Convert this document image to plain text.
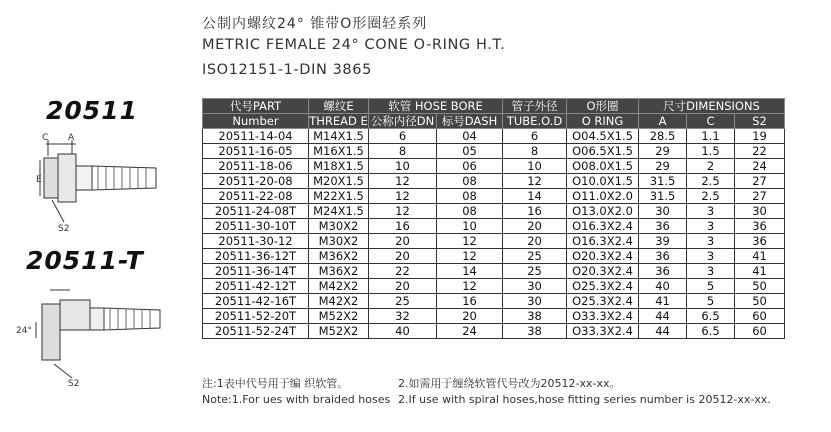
公制内螺纹24° 锥带O形圈轻系列
METRIC FEMALE 24° CONE O-RING H.T.
ISO12151-1-DIN 3865
20511
20511-T
C A
E
S2
24°
S2
代号PART	螺纹E	软管 HOSE BORE		管子外径	O形圈	尺寸DIMENSIONS		
Number	THREAD E	公称内径DN	标号DASH	TUBE.O.D	O RING	A	C	S2
20511-14-04	M14X1.5	6	04	6	O04.5X1.5	28.5	1.1	19
20511-16-05	M16X1.5	8	05	8	O06.5X1.5	29	1.5	22
20511-18-06	M18X1.5	10	06	10	O08.0X1.5	29	2	24
20511-20-08	M20X1.5	12	08	12	O10.0X1.5	31.5	2.5	27
20511-22-08	M22X1.5	12	08	14	O11.0X2.0	31.5	2.5	27
20511-24-08T	M24X1.5	12	08	16	O13.0X2.0	30	3	30
20511-30-10T	M30X2	16	10	20	O16.3X2.4	36	3	36
20511-30-12	M30X2	20	12	20	O16.3X2.4	39	3	36
20511-36-12T	M36X2	20	12	25	O20.3X2.4	36	3	41
20511-36-14T	M36X2	22	14	25	O20.3X2.4	36	3	41
20511-42-12T	M42X2	20	12	30	O25.3X2.4	40	5	50
20511-42-16T	M42X2	25	16	30	O25.3X2.4	41	5	50
20511-52-20T	M52X2	32	20	38	O33.3X2.4	44	6.5	60
20511-52-24T	M52X2	40	24	38	O33.3X2.4	44	6.5	60
注:1表中代号用于编 织软管。	2.如需用于缠绕软管代号改为20512-xx-xx。
Note:1.For ues with braided hoses 2.If use with spiral hoses,hose fitting series number is 20512-xx-xx.
